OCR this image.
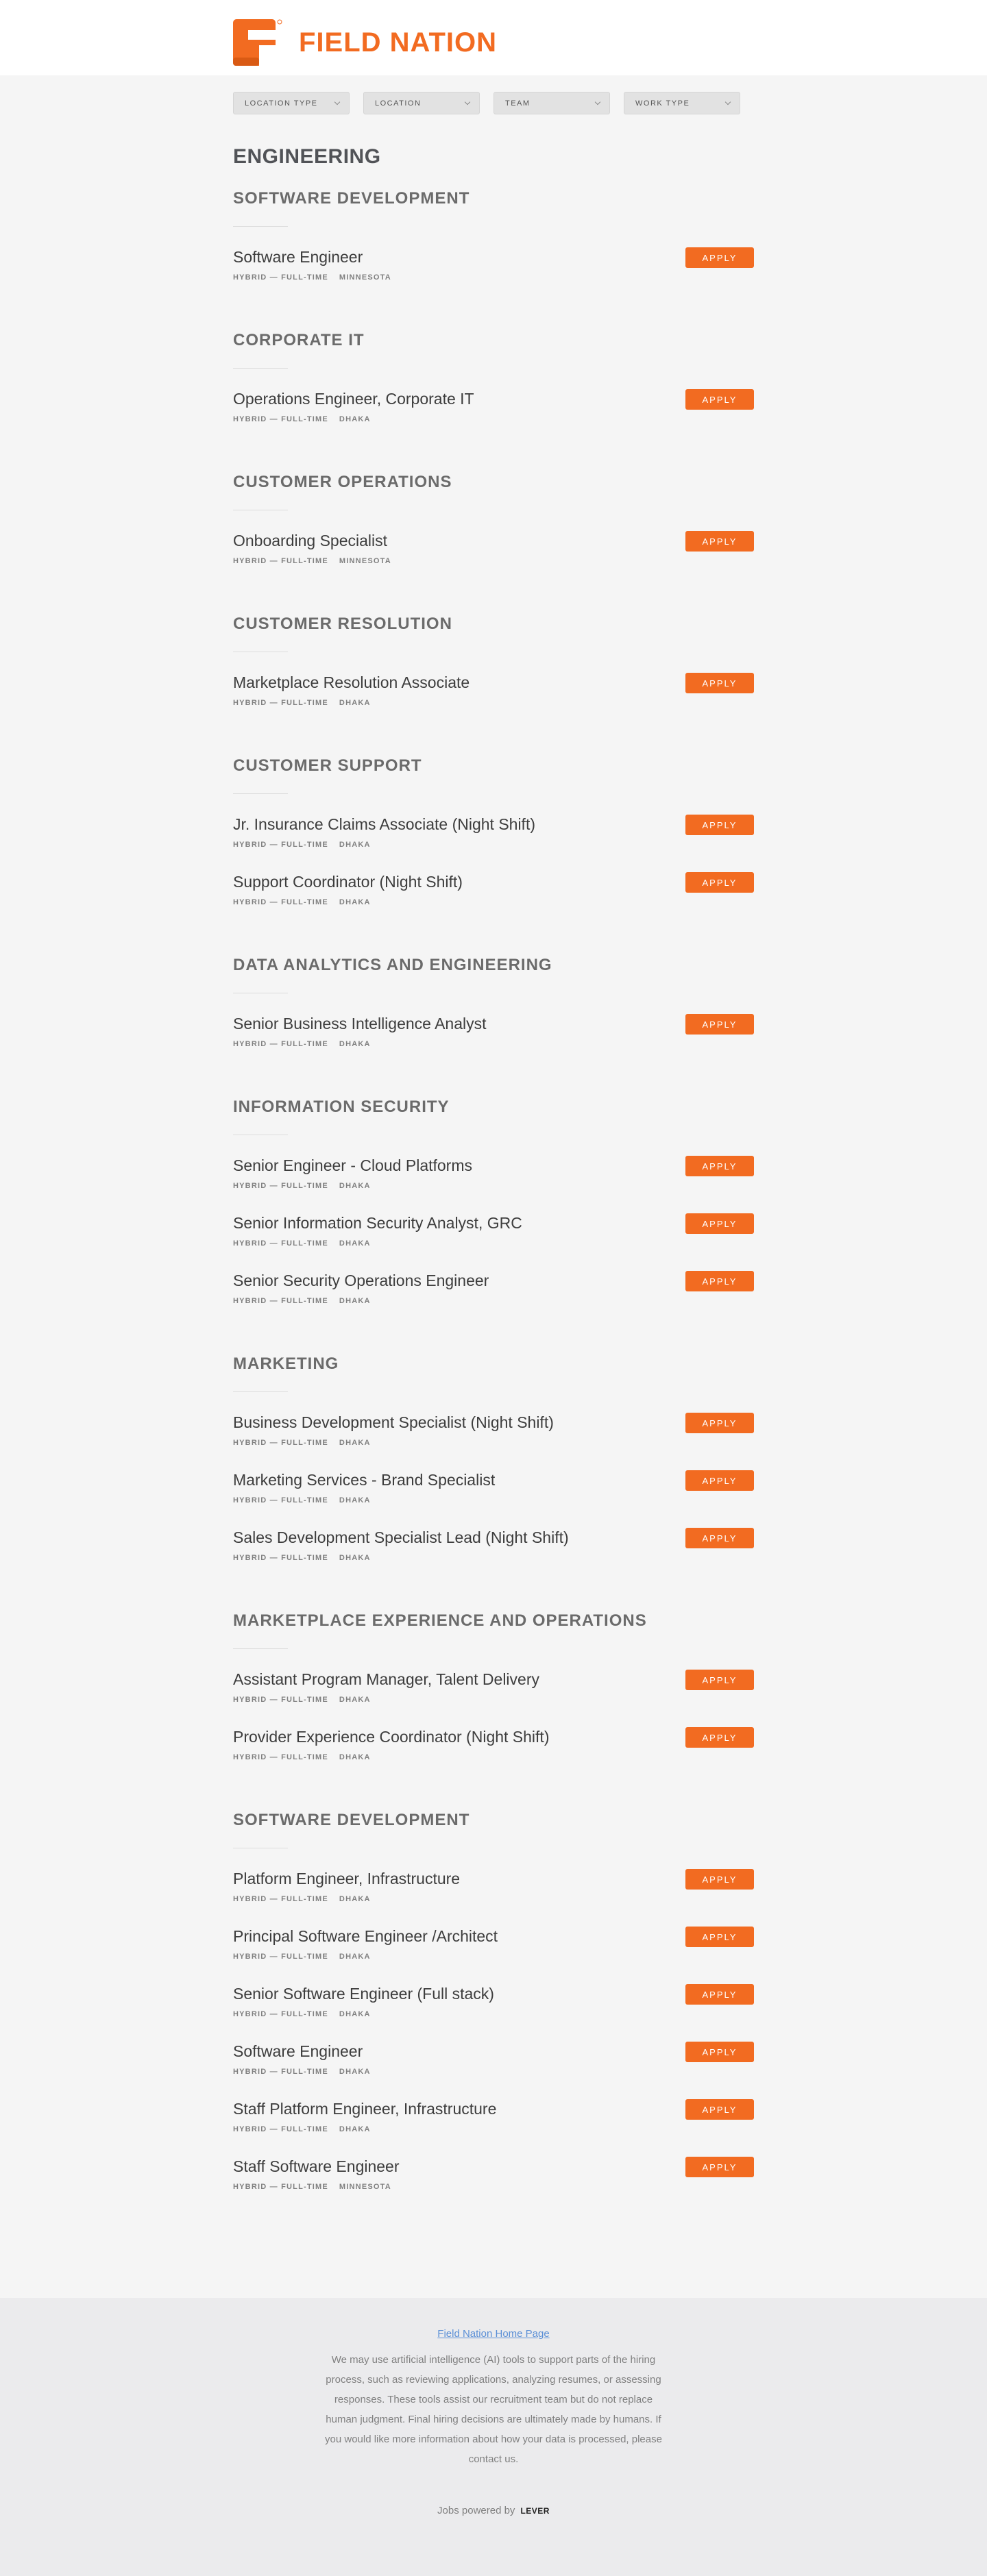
FIELD NATION
LOCATION TYPE	LOCATION	TEAM	WORK TYPE
ENGINEERING
SOFTWARE DEVELOPMENT
Software Engineer
HYBRID — FULL-TIME MINNESOTA
APPLY
CORPORATE IT
Operations Engineer, Corporate IT
HYBRID — FULL-TIME DHAKA
APPLY
CUSTOMER OPERATIONS
Onboarding Specialist
HYBRID — FULL-TIME MINNESOTA
APPLY
CUSTOMER RESOLUTION
Marketplace Resolution Associate
HYBRID — FULL-TIME DHAKA
APPLY
CUSTOMER SUPPORT
Jr. Insurance Claims Associate (Night Shift)
HYBRID — FULL-TIME DHAKA
APPLY
Support Coordinator (Night Shift)
HYBRID — FULL-TIME DHAKA
APPLY
DATA ANALYTICS AND ENGINEERING
Senior Business Intelligence Analyst
HYBRID — FULL-TIME DHAKA
APPLY
INFORMATION SECURITY
Senior Engineer - Cloud Platforms
HYBRID — FULL-TIME DHAKA
APPLY
Senior Information Security Analyst, GRC
HYBRID — FULL-TIME DHAKA
APPLY
Senior Security Operations Engineer
HYBRID — FULL-TIME DHAKA
APPLY
MARKETING
Business Development Specialist (Night Shift)
HYBRID — FULL-TIME DHAKA
APPLY
Marketing Services - Brand Specialist
HYBRID — FULL-TIME DHAKA
APPLY
Sales Development Specialist Lead (Night Shift)
HYBRID — FULL-TIME DHAKA
APPLY
MARKETPLACE EXPERIENCE AND OPERATIONS
Assistant Program Manager, Talent Delivery
HYBRID — FULL-TIME DHAKA
APPLY
Provider Experience Coordinator (Night Shift)
HYBRID — FULL-TIME DHAKA
APPLY
SOFTWARE DEVELOPMENT
Platform Engineer, Infrastructure
HYBRID — FULL-TIME DHAKA
APPLY
Principal Software Engineer /Architect
HYBRID — FULL-TIME DHAKA
APPLY
Senior Software Engineer (Full stack)
HYBRID — FULL-TIME DHAKA
APPLY
Software Engineer
HYBRID — FULL-TIME DHAKA
APPLY
Staff Platform Engineer, Infrastructure
HYBRID — FULL-TIME DHAKA
APPLY
Staff Software Engineer
HYBRID — FULL-TIME MINNESOTA
APPLY
Field Nation Home Page

We may use artificial intelligence (AI) tools to support parts of the hiring process, such as reviewing applications, analyzing resumes, or assessing responses. These tools assist our recruitment team but do not replace human judgment. Final hiring decisions are ultimately made by humans. If you would like more information about how your data is processed, please contact us.

Jobs powered by LEVER
